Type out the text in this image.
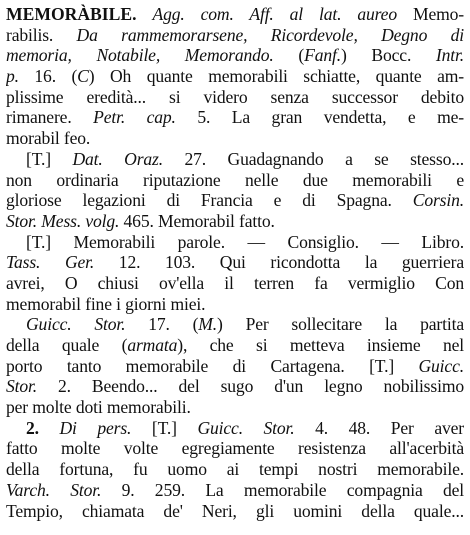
MEMORÀBILE. Agg. com. Aff. al lat. aureo Memo-
rabilis. Da rammemorarsene, Ricordevole, Degno di
memoria, Notabile, Memorando. (Fanf.) Bocc. Intr.
p. 16. (C) Oh quante memorabili schiatte, quante am-
plissime eredità... si videro senza successor debito
rimanere. Petr. cap. 5. La gran vendetta, e me-
morabil feo.
[T.] Dat. Oraz. 27. Guadagnando a se stesso...
non ordinaria riputazione nelle due memorabili e
gloriose legazioni di Francia e di Spagna. Corsin.
Stor. Mess. volg. 465. Memorabil fatto.
[T.] Memorabili parole. — Consiglio. — Libro.
Tass. Ger. 12. 103. Qui ricondotta la guerriera
avrei, O chiusi ov'ella il terren fa vermiglio Con
memorabil fine i giorni miei.
Guicc. Stor. 17. (M.) Per sollecitare la partita
della quale (armata), che si metteva insieme nel
porto tanto memorabile di Cartagena. [T.] Guicc.
Stor. 2. Beendo... del sugo d'un legno nobilissimo
per molte doti memorabili.
2. Di pers. [T.] Guicc. Stor. 4. 48. Per aver
fatto molte volte egregiamente resistenza all'acerbità
della fortuna, fu uomo ai tempi nostri memorabile.
Varch. Stor. 9. 259. La memorabile compagnia del
Tempio, chiamata de' Neri, gli uomini della quale...
